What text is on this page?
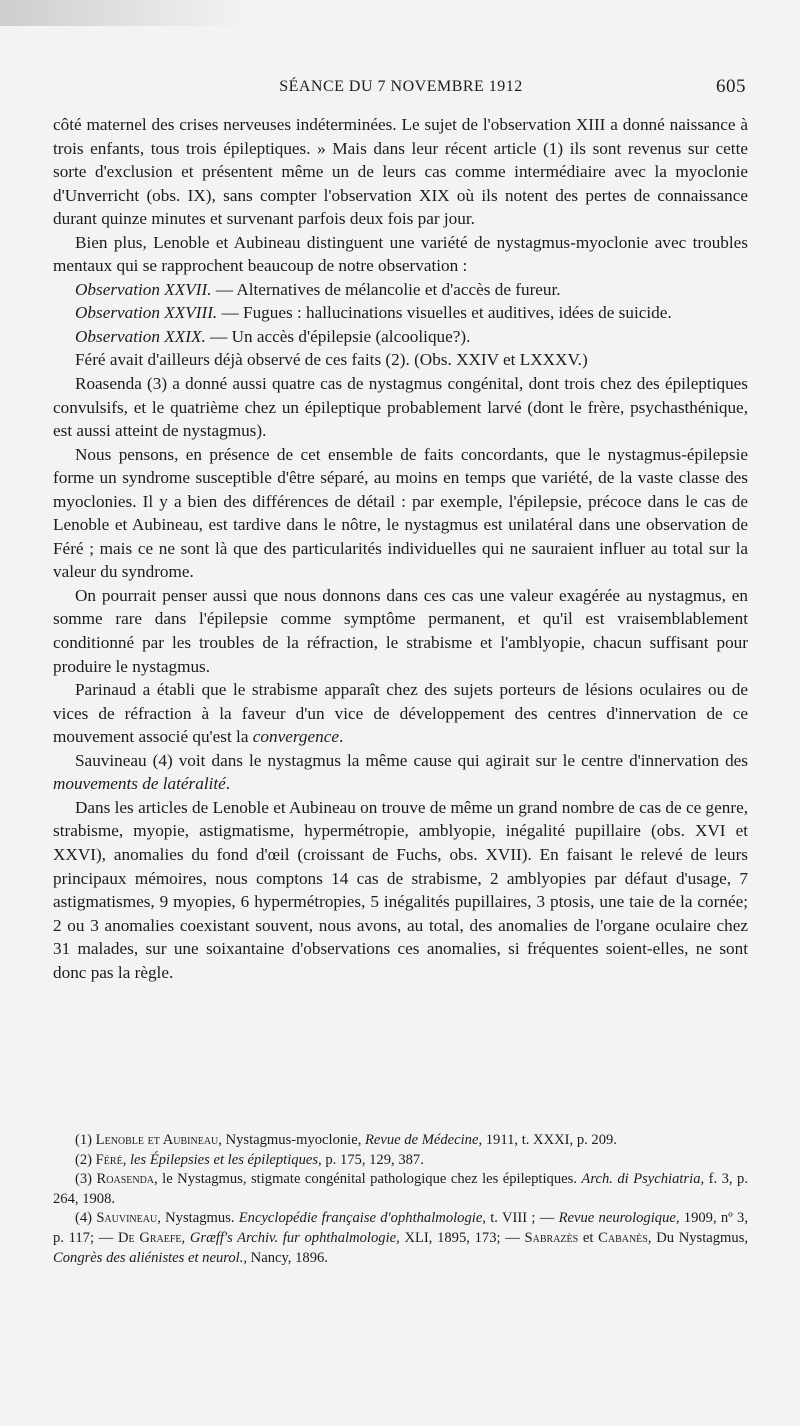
SÉANCE DU 7 NOVEMBRE 1912	605

côté maternel des crises nerveuses indéterminées. Le sujet de l'observation XIII a donné naissance à trois enfants, tous trois épileptiques. » Mais dans leur récent article (1) ils sont revenus sur cette sorte d'exclusion et présentent même un de leurs cas comme intermédiaire avec la myoclonie d'Unverricht (obs. IX), sans compter l'observation XIX où ils notent des pertes de connaissance durant quinze minutes et survenant parfois deux fois par jour.

Bien plus, Lenoble et Aubineau distinguent une variété de nystagmus-myoclonie avec troubles mentaux qui se rapprochent beaucoup de notre observation :

Observation XXVII. — Alternatives de mélancolie et d'accès de fureur.

Observation XXVIII. — Fugues : hallucinations visuelles et auditives, idées de suicide.

Observation XXIX. — Un accès d'épilepsie (alcoolique?).

Féré avait d'ailleurs déjà observé de ces faits (2). (Obs. XXIV et LXXXV.)

Roasenda (3) a donné aussi quatre cas de nystagmus congénital, dont trois chez des épileptiques convulsifs, et le quatrième chez un épileptique probablement larvé (dont le frère, psychasthénique, est aussi atteint de nystagmus).

Nous pensons, en présence de cet ensemble de faits concordants, que le nystagmus-épilepsie forme un syndrome susceptible d'être séparé, au moins en temps que variété, de la vaste classe des myoclonies. Il y a bien des différences de détail : par exemple, l'épilepsie, précoce dans le cas de Lenoble et Aubineau, est tardive dans le nôtre, le nystagmus est unilatéral dans une observation de Féré ; mais ce ne sont là que des particularités individuelles qui ne sauraient influer au total sur la valeur du syndrome.

On pourrait penser aussi que nous donnons dans ces cas une valeur exagérée au nystagmus, en somme rare dans l'épilepsie comme symptôme permanent, et qu'il est vraisemblablement conditionné par les troubles de la réfraction, le strabisme et l'amblyopie, chacun suffisant pour produire le nystagmus.

Parinaud a établi que le strabisme apparaît chez des sujets porteurs de lésions oculaires ou de vices de réfraction à la faveur d'un vice de développement des centres d'innervation de ce mouvement associé qu'est la convergence.

Sauvineau (4) voit dans le nystagmus la même cause qui agirait sur le centre d'innervation des mouvements de latéralité.

Dans les articles de Lenoble et Aubineau on trouve de même un grand nombre de cas de ce genre, strabisme, myopie, astigmatisme, hypermétropie, amblyopie, inégalité pupillaire (obs. XVI et XXVI), anomalies du fond d'œil (croissant de Fuchs, obs. XVII). En faisant le relevé de leurs principaux mémoires, nous comptons 14 cas de strabisme, 2 amblyopies par défaut d'usage, 7 astigmatismes, 9 myopies, 6 hypermétropies, 5 inégalités pupillaires, 3 ptosis, une taie de la cornée; 2 ou 3 anomalies coexistant souvent, nous avons, au total, des anomalies de l'organe oculaire chez 31 malades, sur une soixantaine d'observations ces anomalies, si fréquentes soient-elles, ne sont donc pas la règle.

(1) Lenoble et Aubineau, Nystagmus-myoclonie, Revue de Médecine, 1911, t. XXXI, p. 209.

(2) Féré, les Épilepsies et les épileptiques, p. 175, 129, 387.

(3) Roasenda, le Nystagmus, stigmate congénital pathologique chez les épileptiques. Arch. di Psychiatria, f. 3, p. 264, 1908.

(4) Sauvineau, Nystagmus. Encyclopédie française d'ophthalmologie, t. VIII ; — Revue neurologique, 1909, nº 3, p. 117; — De Graefe, Græff's Archiv. fur ophthalmologie, XLI, 1895, 173; — Sabrazès et Cabanès, Du Nystagmus, Congrès des aliénistes et neurol., Nancy, 1896.
